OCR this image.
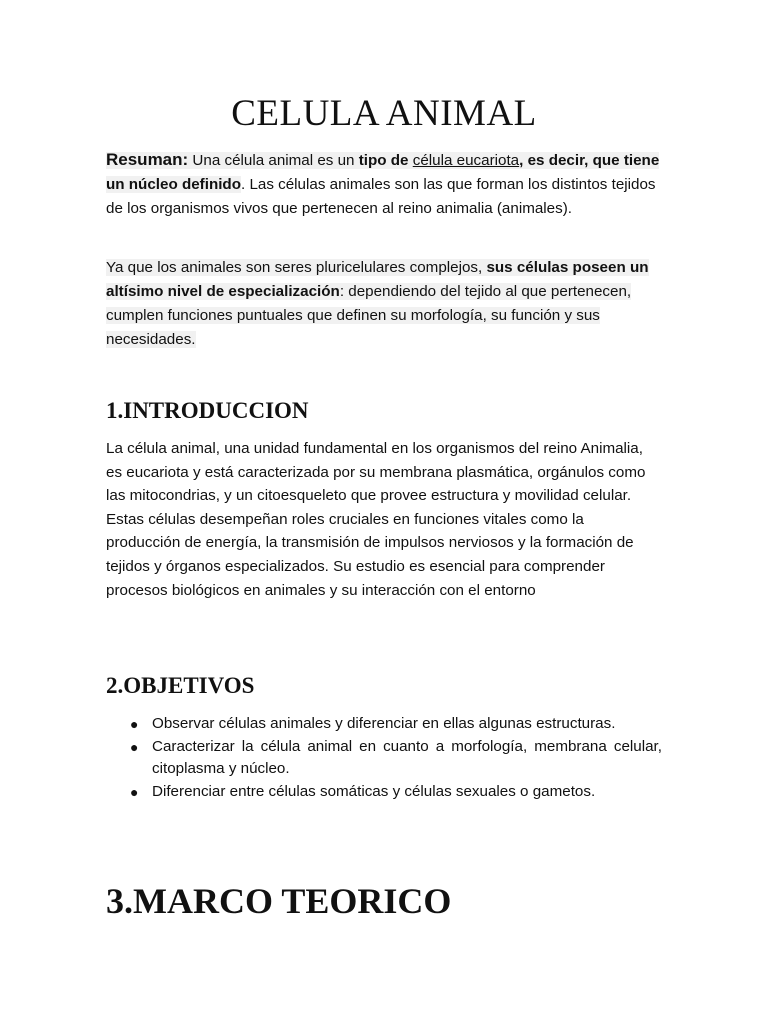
CELULA ANIMAL

Resuman: Una célula animal es un tipo de célula eucariota, es decir, que tiene un núcleo definido. Las células animales son las que forman los distintos tejidos de los organismos vivos que pertenecen al reino animalia (animales).

Ya que los animales son seres pluricelulares complejos, sus células poseen un altísimo nivel de especialización: dependiendo del tejido al que pertenecen, cumplen funciones puntuales que definen su morfología, su función y sus necesidades.

1.INTRODUCCION

La célula animal, una unidad fundamental en los organismos del reino Animalia, es eucariota y está caracterizada por su membrana plasmática, orgánulos como las mitocondrias, y un citoesqueleto que provee estructura y movilidad celular. Estas células desempeñan roles cruciales en funciones vitales como la producción de energía, la transmisión de impulsos nerviosos y la formación de tejidos y órganos especializados. Su estudio es esencial para comprender procesos biológicos en animales y su interacción con el entorno

2.OBJETIVOS
● Observar células animales y diferenciar en ellas algunas estructuras.
● Caracterizar la célula animal en cuanto a morfología, membrana celular, citoplasma y núcleo.
● Diferenciar entre células somáticas y células sexuales o gametos.
3.MARCO TEORICO
